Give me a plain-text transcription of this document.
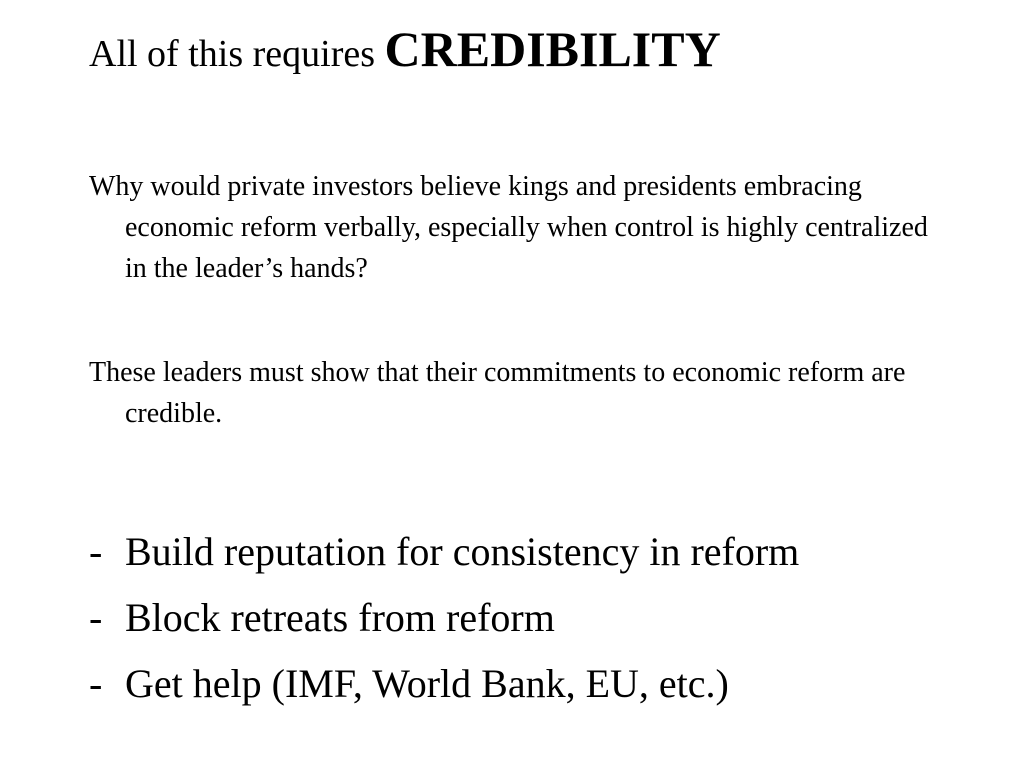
All of this requires CREDIBILITY

Why would private investors believe kings and presidents embracing economic reform verbally, especially when control is highly centralized in the leader’s hands?

These leaders must show that their commitments to economic reform are credible.

- Build reputation for consistency in reform
- Block retreats from reform
- Get help (IMF, World Bank, EU, etc.)
